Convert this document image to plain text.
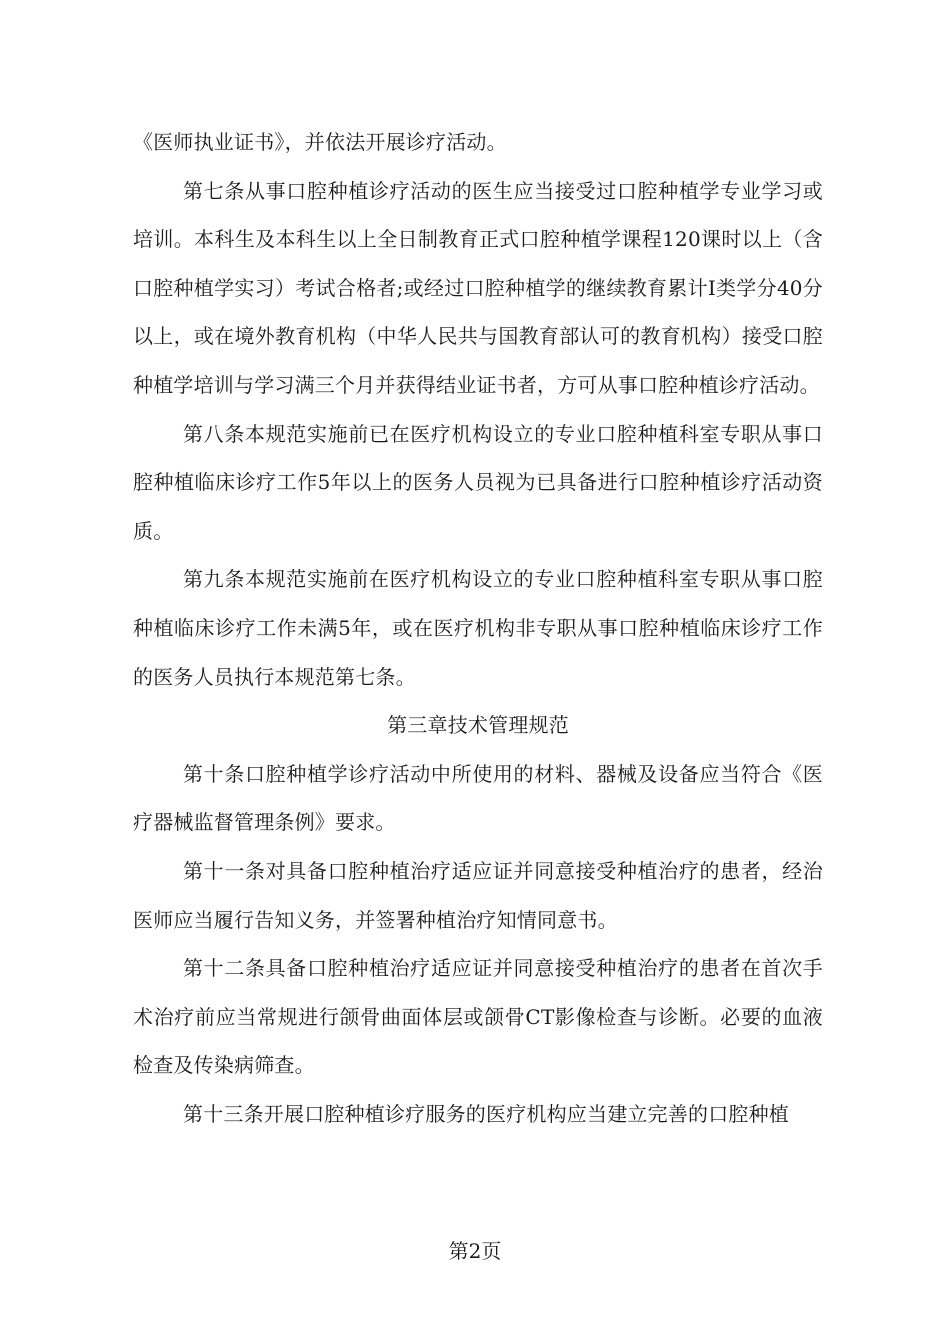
《医师执业证书》，并依法开展诊疗活动。

第七条从事口腔种植诊疗活动的医生应当接受过口腔种植学专业学习或培训。本科生及本科生以上全日制教育正式口腔种植学课程120课时以上（含口腔种植学实习）考试合格者;或经过口腔种植学的继续教育累计I类学分40分以上，或在境外教育机构（中华人民共与国教育部认可的教育机构）接受口腔种植学培训与学习满三个月并获得结业证书者，方可从事口腔种植诊疗活动。

第八条本规范实施前已在医疗机构设立的专业口腔种植科室专职从事口腔种植临床诊疗工作5年以上的医务人员视为已具备进行口腔种植诊疗活动资质。

第九条本规范实施前在医疗机构设立的专业口腔种植科室专职从事口腔种植临床诊疗工作未满5年，或在医疗机构非专职从事口腔种植临床诊疗工作的医务人员执行本规范第七条。

第三章技术管理规范

第十条口腔种植学诊疗活动中所使用的材料、器械及设备应当符合《医疗器械监督管理条例》要求。

第十一条对具备口腔种植治疗适应证并同意接受种植治疗的患者，经治医师应当履行告知义务，并签署种植治疗知情同意书。

第十二条具备口腔种植治疗适应证并同意接受种植治疗的患者在首次手术治疗前应当常规进行颌骨曲面体层或颌骨CT影像检查与诊断。必要的血液检查及传染病筛查。

第十三条开展口腔种植诊疗服务的医疗机构应当建立完善的口腔种植

第2页
